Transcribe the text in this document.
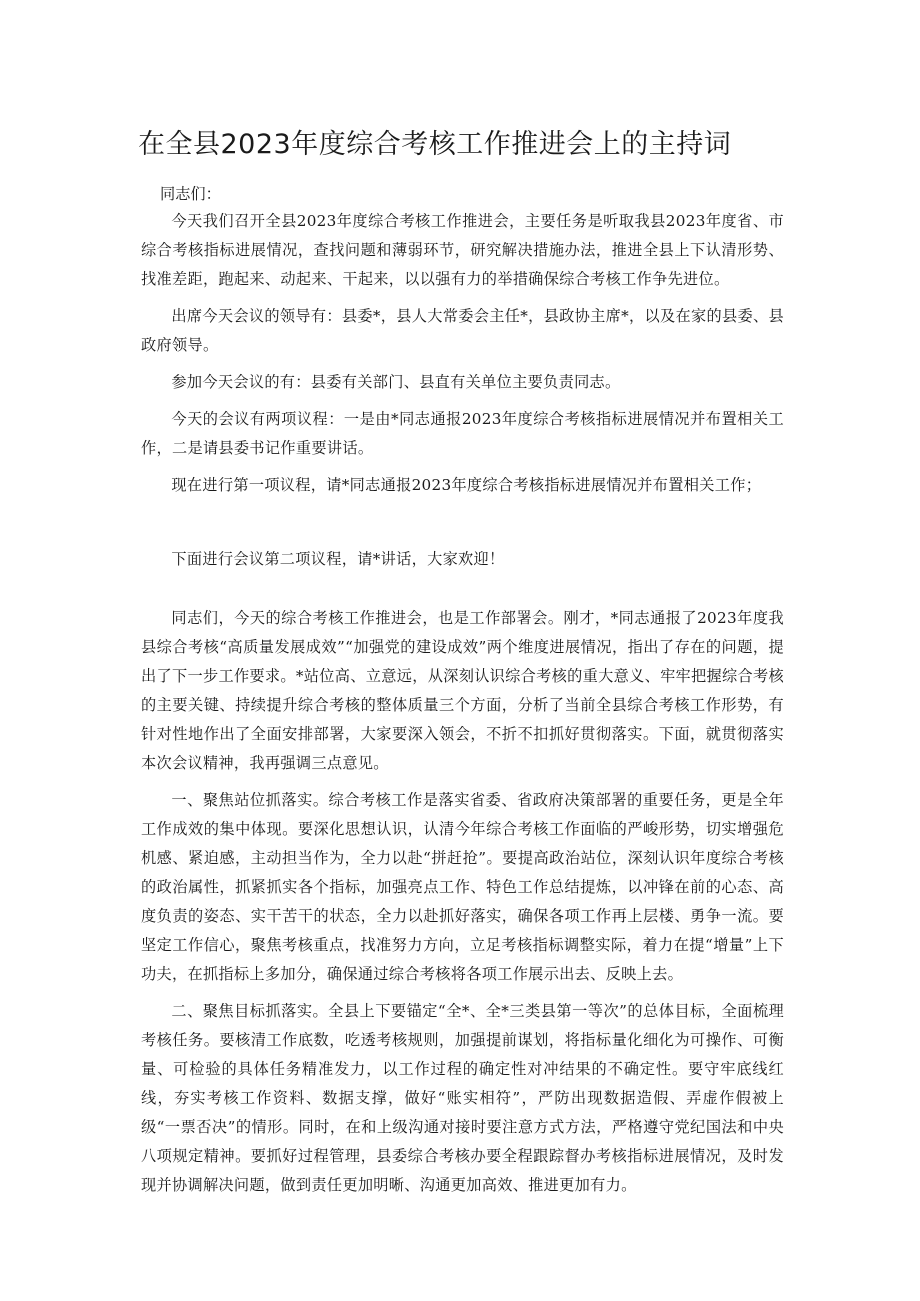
在全县2023年度综合考核工作推进会上的主持词
同志们：

今天我们召开全县2023年度综合考核工作推进会，主要任务是听取我县2023年度省、市综合考核指标进展情况，查找问题和薄弱环节，研究解决措施办法，推进全县上下认清形势、找准差距，跑起来、动起来、干起来，以以强有力的举措确保综合考核工作争先进位。

出席今天会议的领导有：县委*，县人大常委会主任*，县政协主席*，以及在家的县委、县政府领导。

参加今天会议的有：县委有关部门、县直有关单位主要负责同志。

今天的会议有两项议程：一是由*同志通报2023年度综合考核指标进展情况并布置相关工作，二是请县委书记作重要讲话。

现在进行第一项议程，请*同志通报2023年度综合考核指标进展情况并布置相关工作；

下面进行会议第二项议程，请*讲话，大家欢迎！

同志们，今天的综合考核工作推进会，也是工作部署会。刚才，*同志通报了2023年度我县综合考核“高质量发展成效”“加强党的建设成效”两个维度进展情况，指出了存在的问题，提出了下一步工作要求。*站位高、立意远，从深刻认识综合考核的重大意义、牢牢把握综合考核的主要关键、持续提升综合考核的整体质量三个方面，分析了当前全县综合考核工作形势，有针对性地作出了全面安排部署，大家要深入领会，不折不扣抓好贯彻落实。下面，就贯彻落实本次会议精神，我再强调三点意见。

一、聚焦站位抓落实。综合考核工作是落实省委、省政府决策部署的重要任务，更是全年工作成效的集中体现。要深化思想认识，认清今年综合考核工作面临的严峻形势，切实增强危机感、紧迫感，主动担当作为，全力以赴“拼赶抢”。要提高政治站位，深刻认识年度综合考核的政治属性，抓紧抓实各个指标，加强亮点工作、特色工作总结提炼，以冲锋在前的心态、高度负责的姿态、实干苦干的状态，全力以赴抓好落实，确保各项工作再上层楼、勇争一流。要坚定工作信心，聚焦考核重点，找准努力方向，立足考核指标调整实际，着力在提“增量”上下功夫，在抓指标上多加分，确保通过综合考核将各项工作展示出去、反映上去。

二、聚焦目标抓落实。全县上下要锚定“全*、全*三类县第一等次”的总体目标，全面梳理考核任务。要核清工作底数，吃透考核规则，加强提前谋划，将指标量化细化为可操作、可衡量、可检验的具体任务精准发力，以工作过程的确定性对冲结果的不确定性。要守牢底线红线，夯实考核工作资料、数据支撑，做好“账实相符”，严防出现数据造假、弄虚作假被上级“一票否决”的情形。同时，在和上级沟通对接时要注意方式方法，严格遵守党纪国法和中央八项规定精神。要抓好过程管理，县委综合考核办要全程跟踪督办考核指标进展情况，及时发现并协调解决问题，做到责任更加明晰、沟通更加高效、推进更加有力。
